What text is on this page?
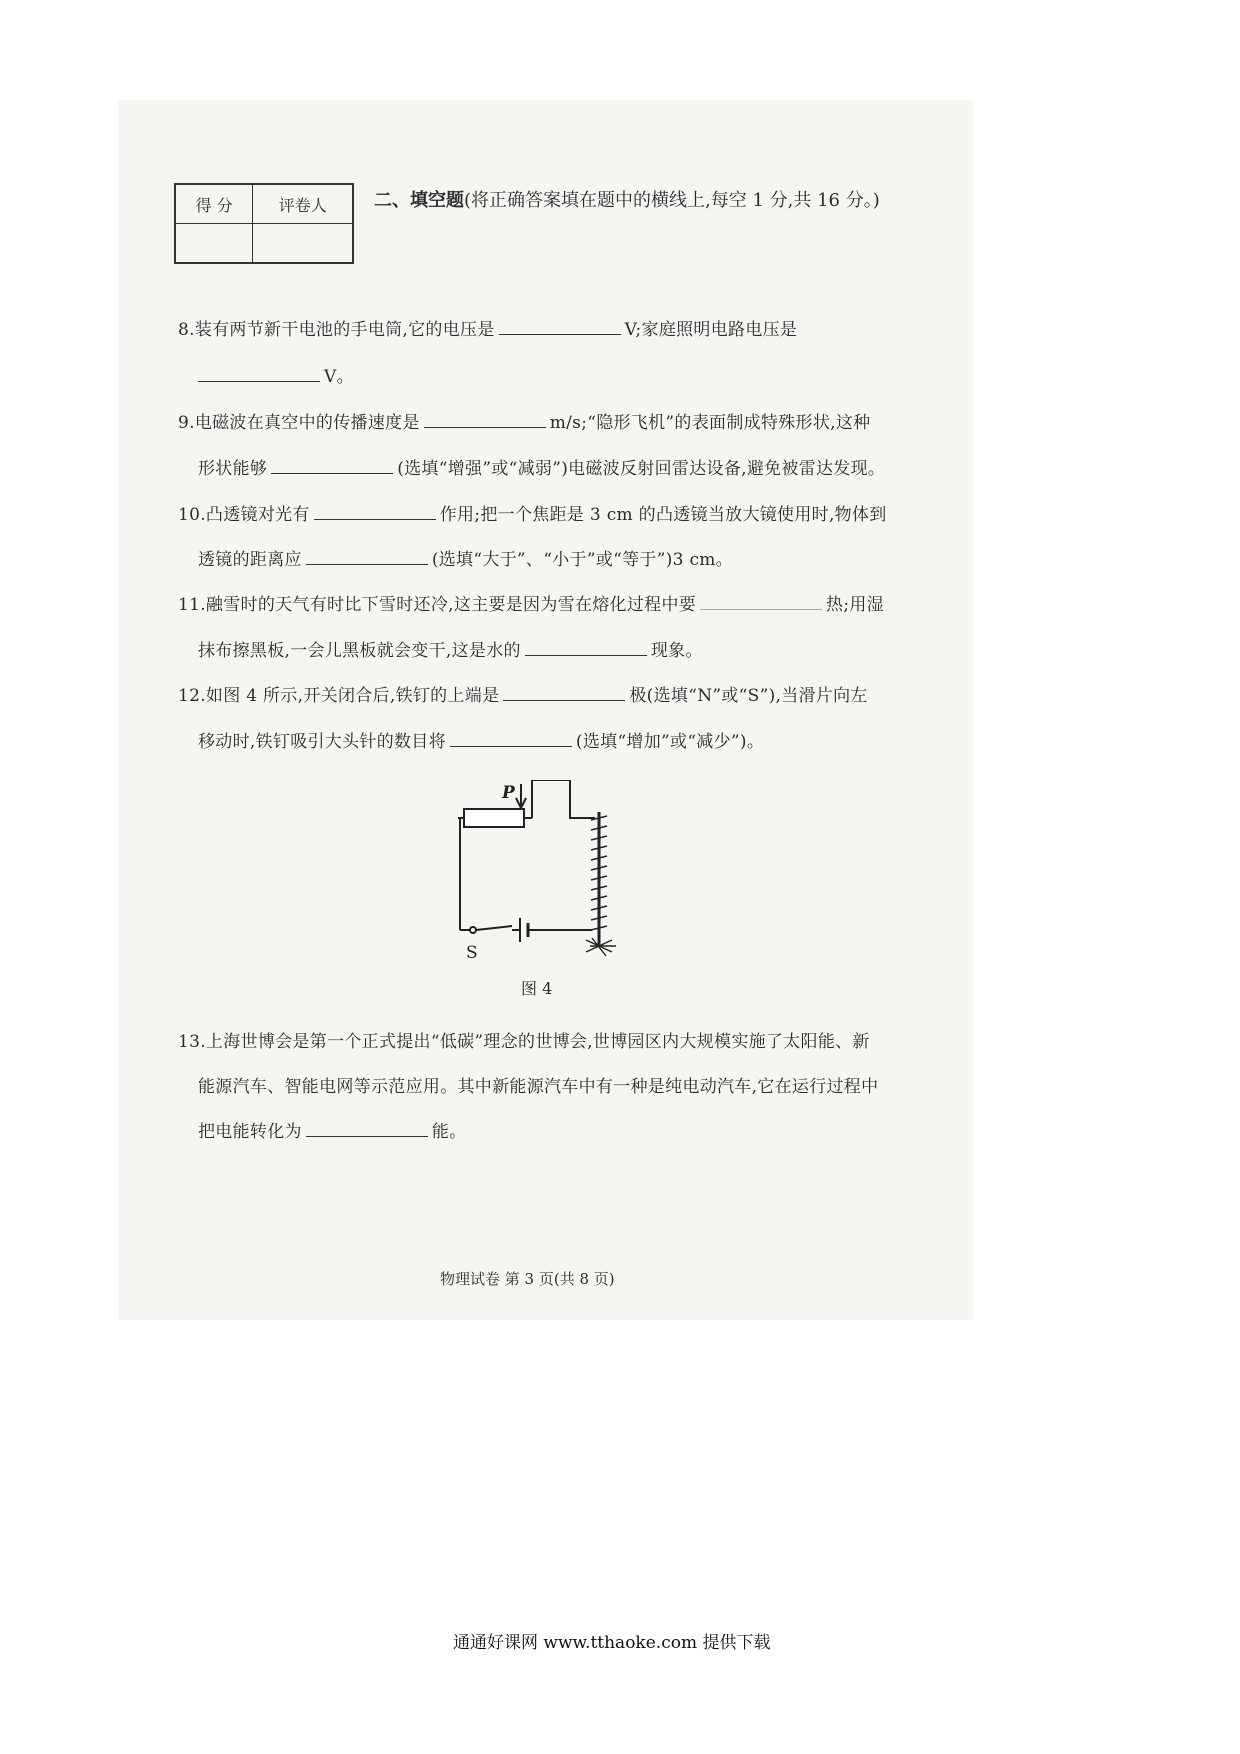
得 分	评卷人
		二、填空题(将正确答案填在题中的横线上,每空 1 分,共 16 分。)
8.装有两节新干电池的手电筒,它的电压是	V;家庭照明电路电压是
V。
9.电磁波在真空中的传播速度是	m/s;“隐形飞机”的表面制成特殊形状,这种
形状能够	(选填“增强”或“减弱”)电磁波反射回雷达设备,避免被雷达发现。
10.凸透镜对光有	作用;把一个焦距是 3 cm 的凸透镜当放大镜使用时,物体到
透镜的距离应	(选填“大于”、“小于”或“等于”)3 cm。
11.融雪时的天气有时比下雪时还冷,这主要是因为雪在熔化过程中要	热;用湿
抹布擦黑板,一会儿黑板就会变干,这是水的	现象。
12.如图 4 所示,开关闭合后,铁钉的上端是	极(选填“N”或“S”),当滑片向左
移动时,铁钉吸引大头针的数目将	(选填“增加”或“减少”)。
P
S
图 4
13.上海世博会是第一个正式提出“低碳”理念的世博会,世博园区内大规模实施了太阳能、新
能源汽车、智能电网等示范应用。其中新能源汽车中有一种是纯电动汽车,它在运行过程中
把电能转化为	能。
物理试卷 第 3 页(共 8 页)
通通好课网 www.tthaoke.com 提供下载
